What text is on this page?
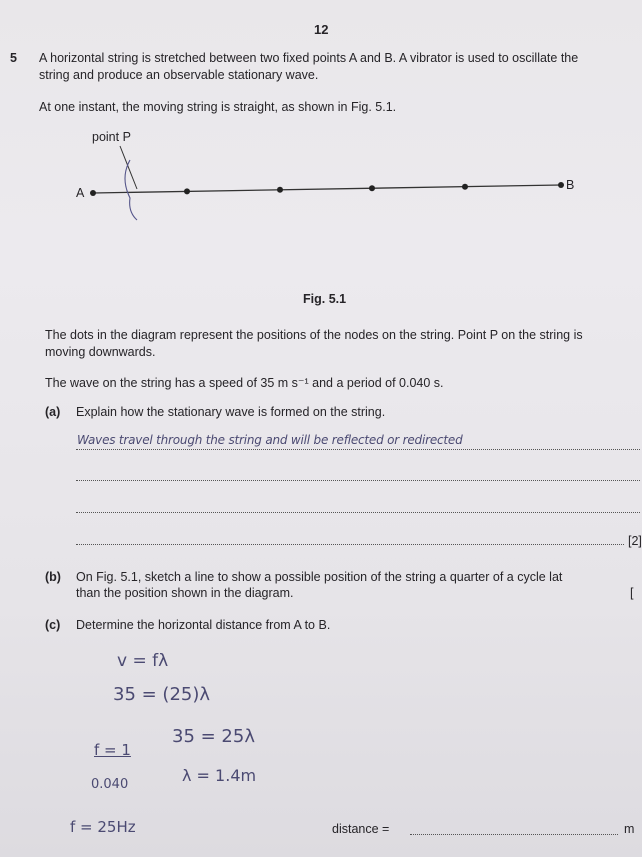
12
5 A horizontal string is stretched between two fixed points A and B. A vibrator is used to oscillate the
string and produce an observable stationary wave.
At one instant, the moving string is straight, as shown in Fig. 5.1.
point P
A
B
Fig. 5.1
The dots in the diagram represent the positions of the nodes on the string. Point P on the string is
moving downwards.
The wave on the string has a speed of 35 m s⁻¹ and a period of 0.040 s.
(a) Explain how the stationary wave is formed on the string.
Waves travel through the string and will be reflected or redirected
[2]
(b) On Fig. 5.1, sketch a line to show a possible position of the string a quarter of a cycle lat
than the position shown in the diagram.	[
(c) Determine the horizontal distance from A to B.
v = fλ
35 = (25)λ
35 = 25λ
f = 1
0.040	λ = 1.4m
f = 25Hz	distance =	m
